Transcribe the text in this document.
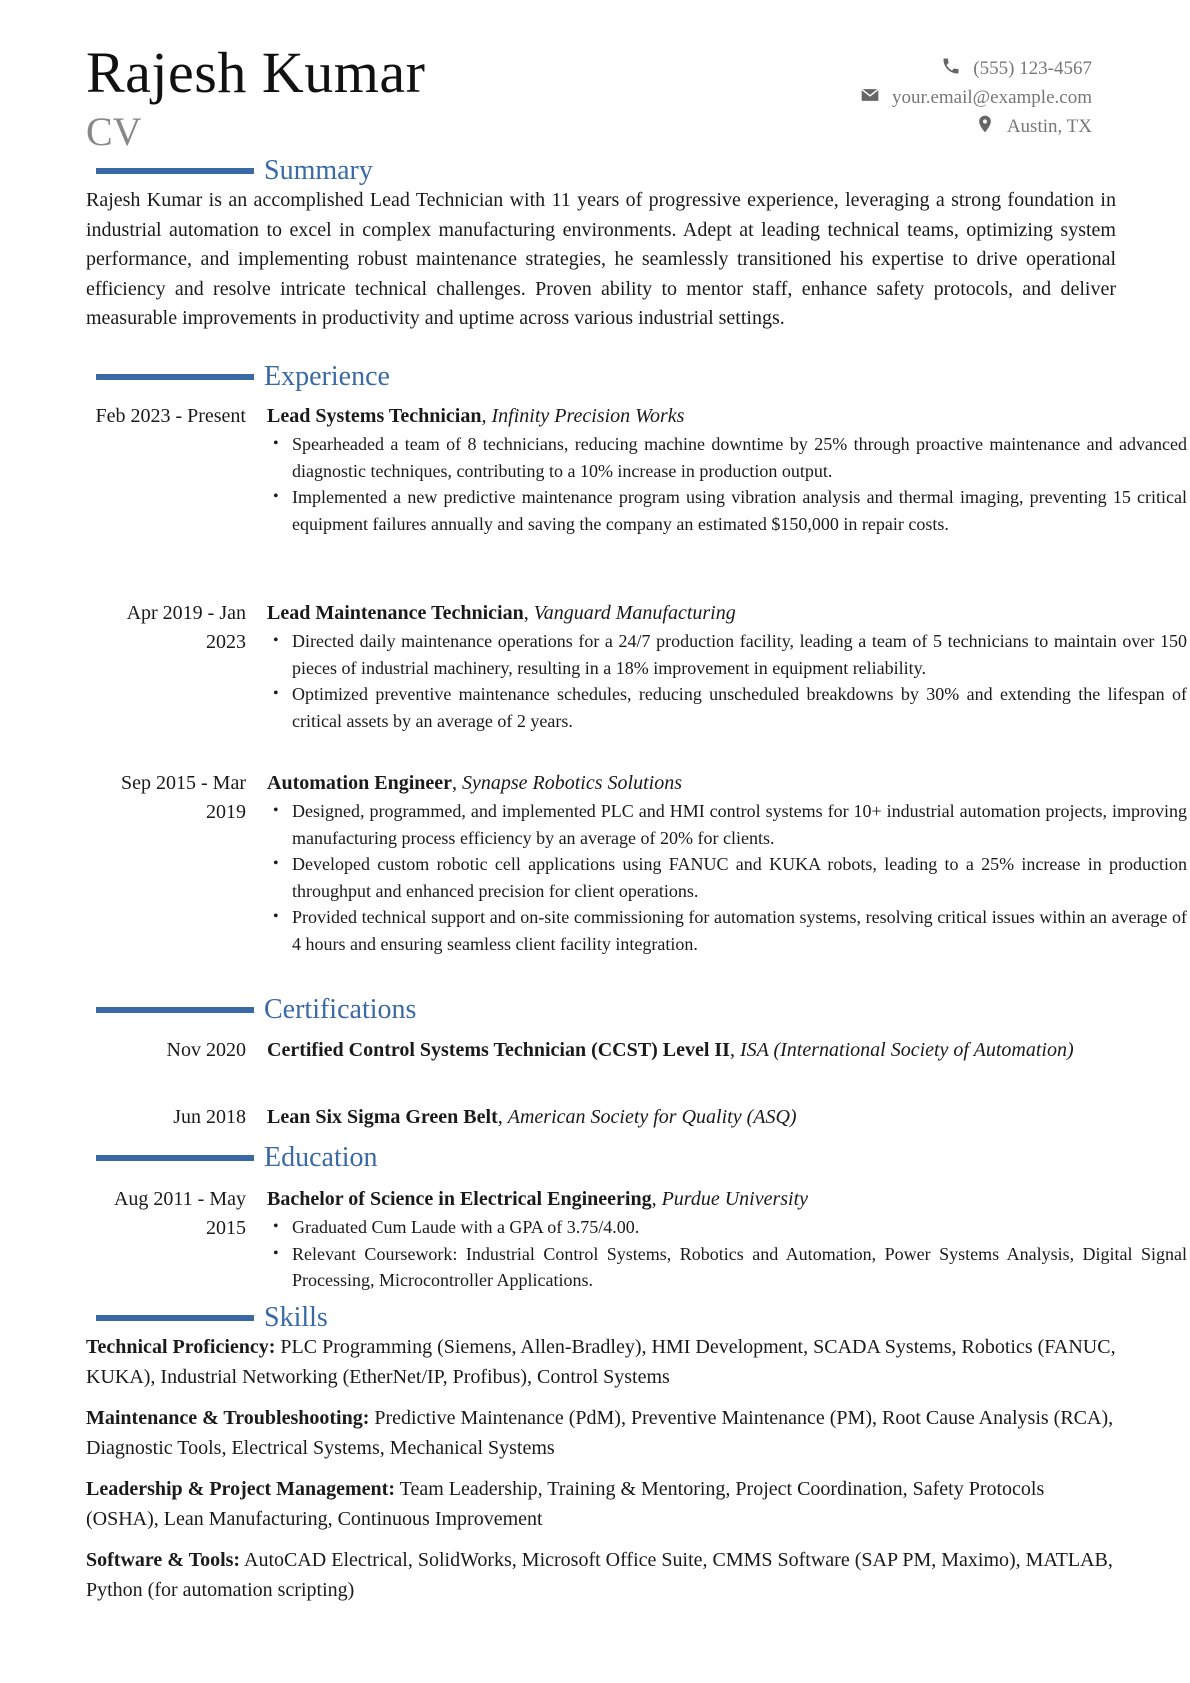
Rajesh Kumar
CV
(555) 123-4567
your.email@example.com
Austin, TX
Summary
Rajesh Kumar is an accomplished Lead Technician with 11 years of progressive experience, leveraging a strong foundation in industrial automation to excel in complex manufacturing environments. Adept at leading technical teams, optimizing system performance, and implementing robust maintenance strategies, he seamlessly transitioned his expertise to drive operational efficiency and resolve intricate technical challenges. Proven ability to mentor staff, enhance safety protocols, and deliver measurable improvements in productivity and uptime across various industrial settings.
Experience
Feb 2023 - Present Lead Systems Technician, Infinity Precision Works
• Spearheaded a team of 8 technicians, reducing machine downtime by 25% through proactive maintenance and advanced diagnostic techniques, contributing to a 10% increase in production output.
• Implemented a new predictive maintenance program using vibration analysis and thermal imaging, preventing 15 critical equipment failures annually and saving the company an estimated $150,000 in repair costs.
Apr 2019 - Jan 2023
Lead Maintenance Technician, Vanguard Manufacturing
• Directed daily maintenance operations for a 24/7 production facility, leading a team of 5 technicians to maintain over 150 pieces of industrial machinery, resulting in a 18% improvement in equipment reliability.
• Optimized preventive maintenance schedules, reducing unscheduled breakdowns by 30% and extending the lifespan of critical assets by an average of 2 years.
Sep 2015 - Mar 2019
Automation Engineer, Synapse Robotics Solutions
• Designed, programmed, and implemented PLC and HMI control systems for 10+ industrial automation projects, improving manufacturing process efficiency by an average of 20% for clients.
• Developed custom robotic cell applications using FANUC and KUKA robots, leading to a 25% increase in production throughput and enhanced precision for client operations.
• Provided technical support and on-site commissioning for automation systems, resolving critical issues within an average of 4 hours and ensuring seamless client facility integration.
Certifications
Nov 2020 Certified Control Systems Technician (CCST) Level II, ISA (International Society of Automation)
Jun 2018 Lean Six Sigma Green Belt, American Society for Quality (ASQ)
Education
Aug 2011 - May 2015
Bachelor of Science in Electrical Engineering, Purdue University
• Graduated Cum Laude with a GPA of 3.75/4.00.
• Relevant Coursework: Industrial Control Systems, Robotics and Automation, Power Systems Analysis, Digital Signal Processing, Microcontroller Applications.
Skills
Technical Proficiency: PLC Programming (Siemens, Allen-Bradley), HMI Development, SCADA Systems, Robotics (FANUC, KUKA), Industrial Networking (EtherNet/IP, Profibus), Control Systems
Maintenance & Troubleshooting: Predictive Maintenance (PdM), Preventive Maintenance (PM), Root Cause Analysis (RCA), Diagnostic Tools, Electrical Systems, Mechanical Systems
Leadership & Project Management: Team Leadership, Training & Mentoring, Project Coordination, Safety Protocols (OSHA), Lean Manufacturing, Continuous Improvement
Software & Tools: AutoCAD Electrical, SolidWorks, Microsoft Office Suite, CMMS Software (SAP PM, Maximo), MATLAB, Python (for automation scripting)
